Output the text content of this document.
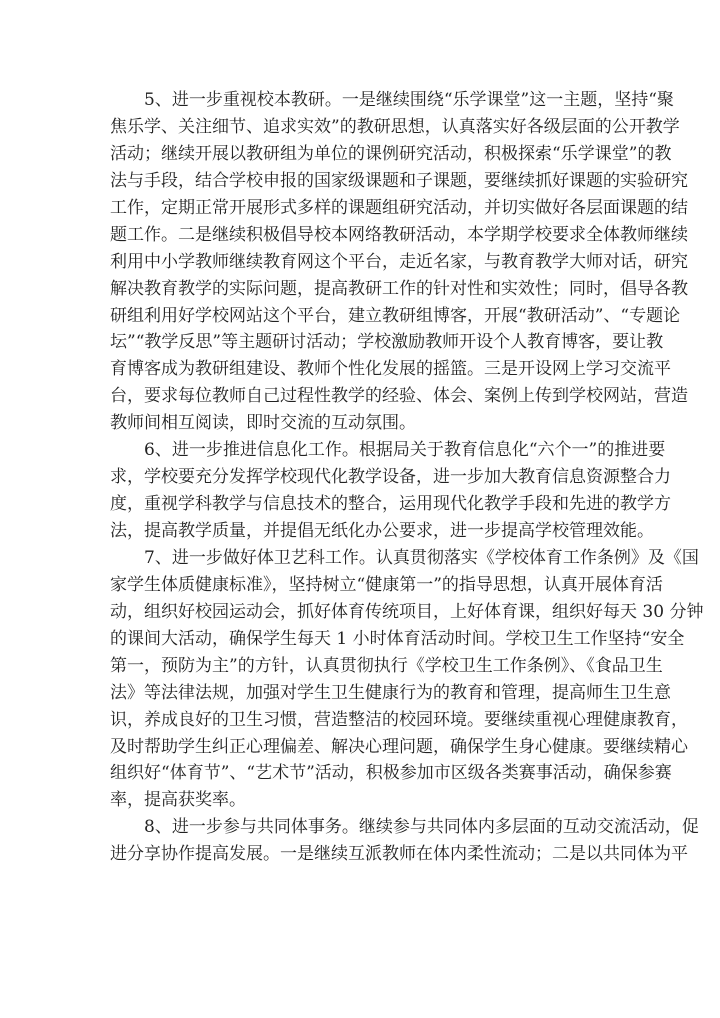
5、进一步重视校本教研。一是继续围绕“乐学课堂”这一主题，坚持“聚
焦乐学、关注细节、追求实效”的教研思想，认真落实好各级层面的公开教学
活动；继续开展以教研组为单位的课例研究活动，积极探索“乐学课堂”的教
法与手段，结合学校申报的国家级课题和子课题，要继续抓好课题的实验研究
工作，定期正常开展形式多样的课题组研究活动，并切实做好各层面课题的结
题工作。二是继续积极倡导校本网络教研活动，本学期学校要求全体教师继续
利用中小学教师继续教育网这个平台，走近名家，与教育教学大师对话，研究
解决教育教学的实际问题，提高教研工作的针对性和实效性；同时，倡导各教
研组利用好学校网站这个平台，建立教研组博客，开展“教研活动”、“专题论
坛”“教学反思”等主题研讨活动；学校激励教师开设个人教育博客，要让教
育博客成为教研组建设、教师个性化发展的摇篮。三是开设网上学习交流平
台，要求每位教师自己过程性教学的经验、体会、案例上传到学校网站，营造
教师间相互阅读，即时交流的互动氛围。
6、进一步推进信息化工作。根据局关于教育信息化“六个一”的推进要
求，学校要充分发挥学校现代化教学设备，进一步加大教育信息资源整合力
度，重视学科教学与信息技术的整合，运用现代化教学手段和先进的教学方
法，提高教学质量，并提倡无纸化办公要求，进一步提高学校管理效能。
7、进一步做好体卫艺科工作。认真贯彻落实《学校体育工作条例》及《国
家学生体质健康标准》，坚持树立“健康第一”的指导思想，认真开展体育活
动，组织好校园运动会，抓好体育传统项目，上好体育课，组织好每天 30 分钟
的课间大活动，确保学生每天 1 小时体育活动时间。学校卫生工作坚持“安全
第一，预防为主”的方针，认真贯彻执行《学校卫生工作条例》、《食品卫生
法》等法律法规，加强对学生卫生健康行为的教育和管理，提高师生卫生意
识，养成良好的卫生习惯，营造整洁的校园环境。要继续重视心理健康教育，
及时帮助学生纠正心理偏差、解决心理问题，确保学生身心健康。要继续精心
组织好“体育节”、“艺术节”活动，积极参加市区级各类赛事活动，确保参赛
率，提高获奖率。
8、进一步参与共同体事务。继续参与共同体内多层面的互动交流活动，促
进分享协作提高发展。一是继续互派教师在体内柔性流动；二是以共同体为平
